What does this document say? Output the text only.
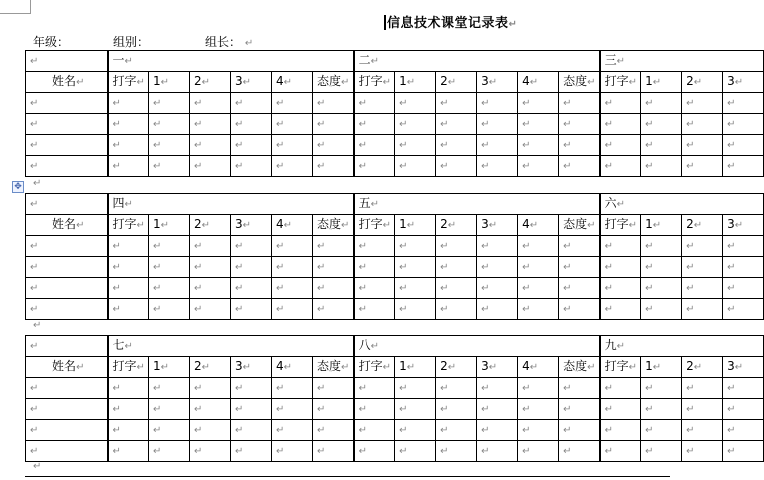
信息技术课堂记录表↵
年级：	组别：	组长： ↵
✥
↵	一↵						二↵						三↵			
姓名↵	打字↵	1↵	2↵	3↵	4↵	态度↵	打字↵	1↵	2↵	3↵	4↵	态度↵	打字↵	1↵	2↵	3↵
↵	↵	↵	↵	↵	↵	↵	↵	↵	↵	↵	↵	↵	↵	↵	↵	↵
↵	↵	↵	↵	↵	↵	↵	↵	↵	↵	↵	↵	↵	↵	↵	↵	↵
↵	↵	↵	↵	↵	↵	↵	↵	↵	↵	↵	↵	↵	↵	↵	↵	↵
↵	↵	↵	↵	↵	↵	↵	↵	↵	↵	↵	↵	↵	↵	↵	↵	↵
↵
↵	四↵						五↵						六↵			
姓名↵	打字↵	1↵	2↵	3↵	4↵	态度↵	打字↵	1↵	2↵	3↵	4↵	态度↵	打字↵	1↵	2↵	3↵
↵	↵	↵	↵	↵	↵	↵	↵	↵	↵	↵	↵	↵	↵	↵	↵	↵
↵	↵	↵	↵	↵	↵	↵	↵	↵	↵	↵	↵	↵	↵	↵	↵	↵
↵	↵	↵	↵	↵	↵	↵	↵	↵	↵	↵	↵	↵	↵	↵	↵	↵
↵	↵	↵	↵	↵	↵	↵	↵	↵	↵	↵	↵	↵	↵	↵	↵	↵
↵
↵	七↵						八↵						九↵			
姓名↵	打字↵	1↵	2↵	3↵	4↵	态度↵	打字↵	1↵	2↵	3↵	4↵	态度↵	打字↵	1↵	2↵	3↵
↵	↵	↵	↵	↵	↵	↵	↵	↵	↵	↵	↵	↵	↵	↵	↵	↵
↵	↵	↵	↵	↵	↵	↵	↵	↵	↵	↵	↵	↵	↵	↵	↵	↵
↵	↵	↵	↵	↵	↵	↵	↵	↵	↵	↵	↵	↵	↵	↵	↵	↵
↵	↵	↵	↵	↵	↵	↵	↵	↵	↵	↵	↵	↵	↵	↵	↵	↵
↵
